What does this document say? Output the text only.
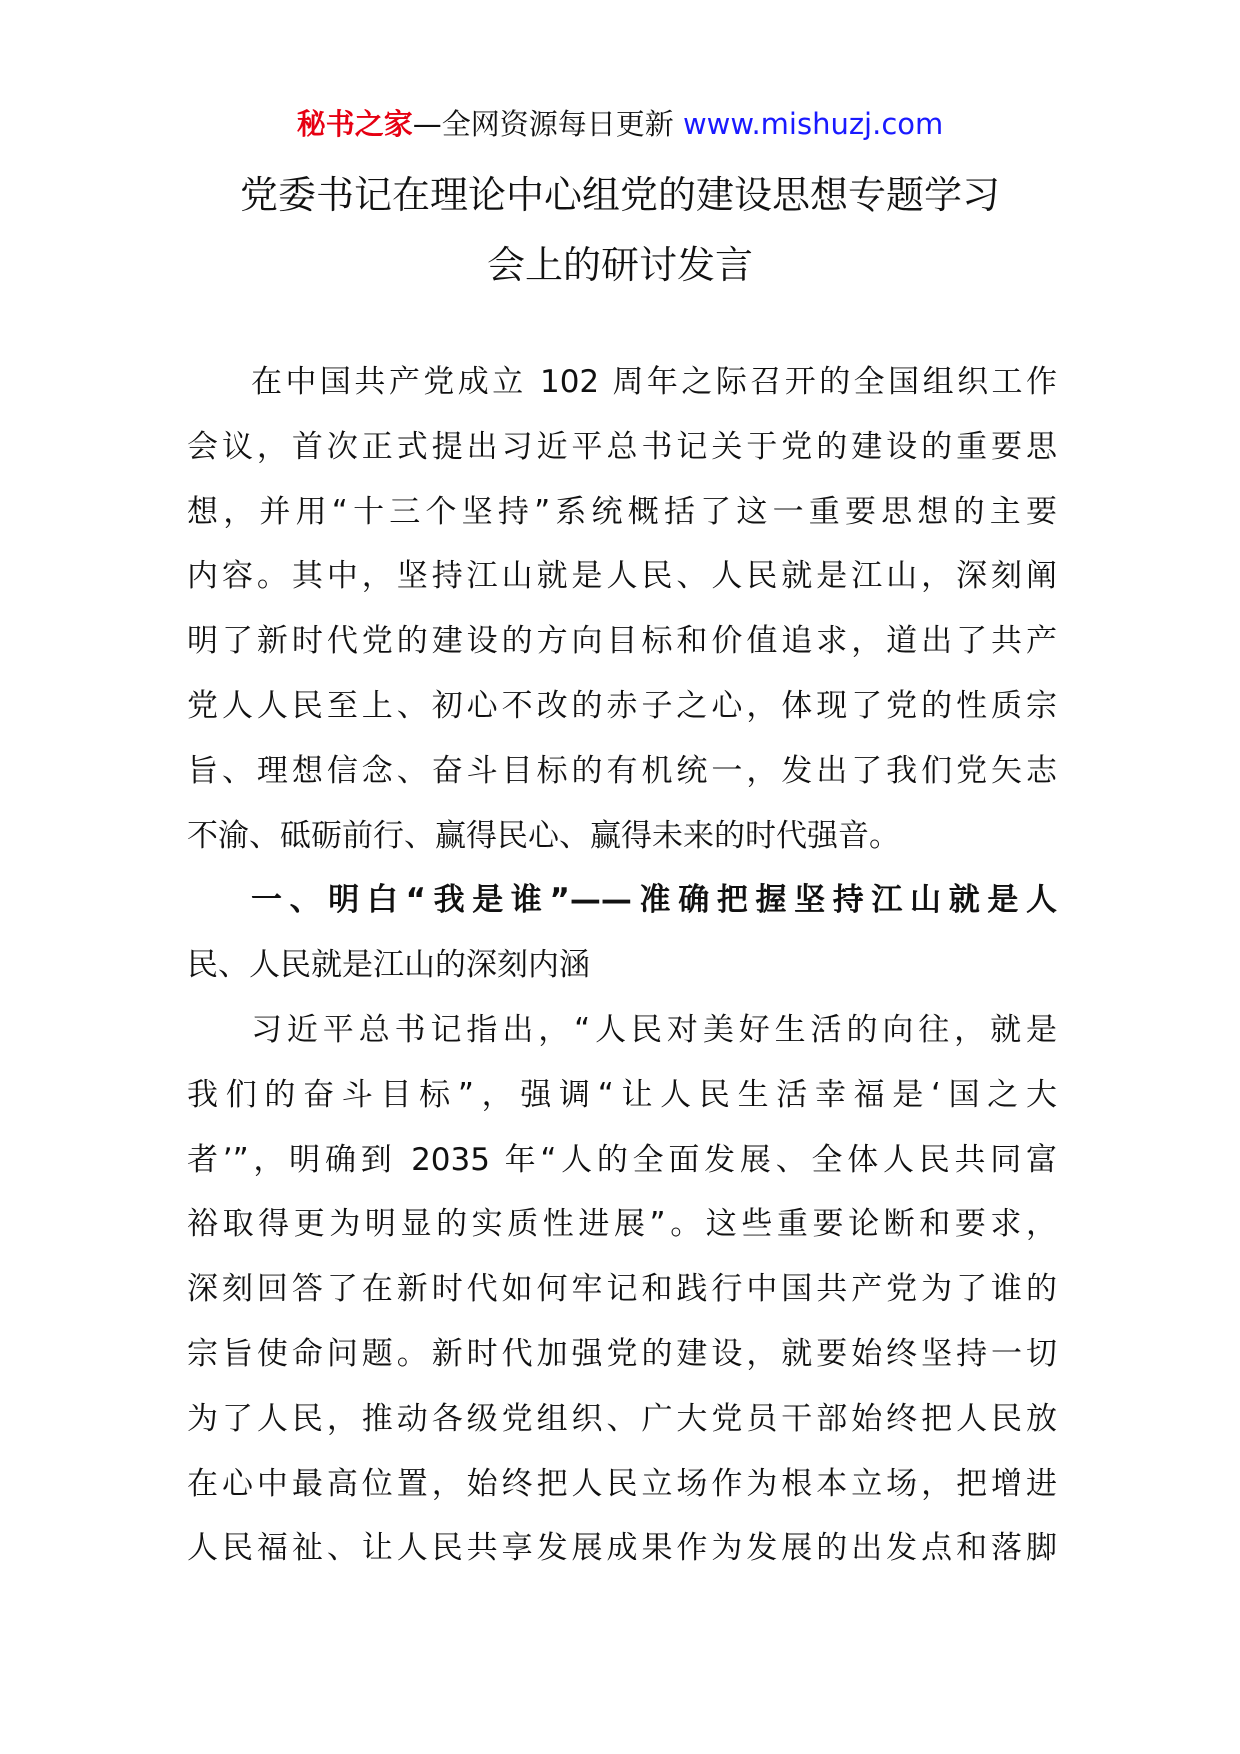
秘书之家—全网资源每日更新 www.mishuzj.com
党委书记在理论中心组党的建设思想专题学习
会上的研讨发言
在中国共产党成立 102 周年之际召开的全国组织工作
会议，首次正式提出习近平总书记关于党的建设的重要思
想，并用“十三个坚持”系统概括了这一重要思想的主要
内容。其中，坚持江山就是人民、人民就是江山，深刻阐
明了新时代党的建设的方向目标和价值追求，道出了共产
党人人民至上、初心不改的赤子之心，体现了党的性质宗
旨、理想信念、奋斗目标的有机统一，发出了我们党矢志
不渝、砥砺前行、赢得民心、赢得未来的时代强音。
一、明白“我是谁”——准确把握坚持江山就是人
民、人民就是江山的深刻内涵
习近平总书记指出，“人民对美好生活的向往，就是
我们的奋斗目标”，强调“让人民生活幸福是‘国之大
者’”，明确到 2035 年“人的全面发展、全体人民共同富
裕取得更为明显的实质性进展”。这些重要论断和要求，
深刻回答了在新时代如何牢记和践行中国共产党为了谁的
宗旨使命问题。新时代加强党的建设，就要始终坚持一切
为了人民，推动各级党组织、广大党员干部始终把人民放
在心中最高位置，始终把人民立场作为根本立场，把增进
人民福祉、让人民共享发展成果作为发展的出发点和落脚
